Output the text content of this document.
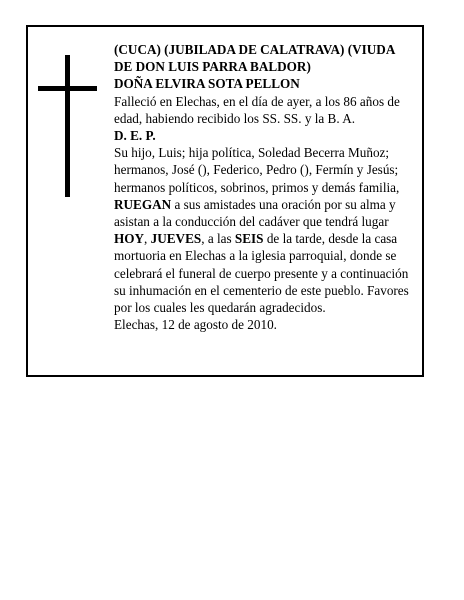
(CUCA) (JUBILADA DE CALATRAVA) (VIUDA DE DON LUIS PARRA BALDOR)

DOÑA ELVIRA SOTA PELLON

Falleció en Elechas, en el día de ayer, a los 86 años de edad, habiendo recibido los SS. SS. y la B. A.

D. E. P.

Su hijo, Luis; hija política, Soledad Becerra Muñoz; hermanos, José (), Federico, Pedro (), Fermín y Jesús; hermanos políticos, sobrinos, primos y demás familia, RUEGAN a sus amistades una oración por su alma y asistan a la conducción del cadáver que tendrá lugar HOY, JUEVES, a las SEIS de la tarde, desde la casa mortuoria en Elechas a la iglesia parroquial, donde se celebrará el funeral de cuerpo presente y a continuación su inhumación en el cementerio de este pueblo. Favores por los cuales les quedarán agradecidos.

Elechas, 12 de agosto de 2010.
